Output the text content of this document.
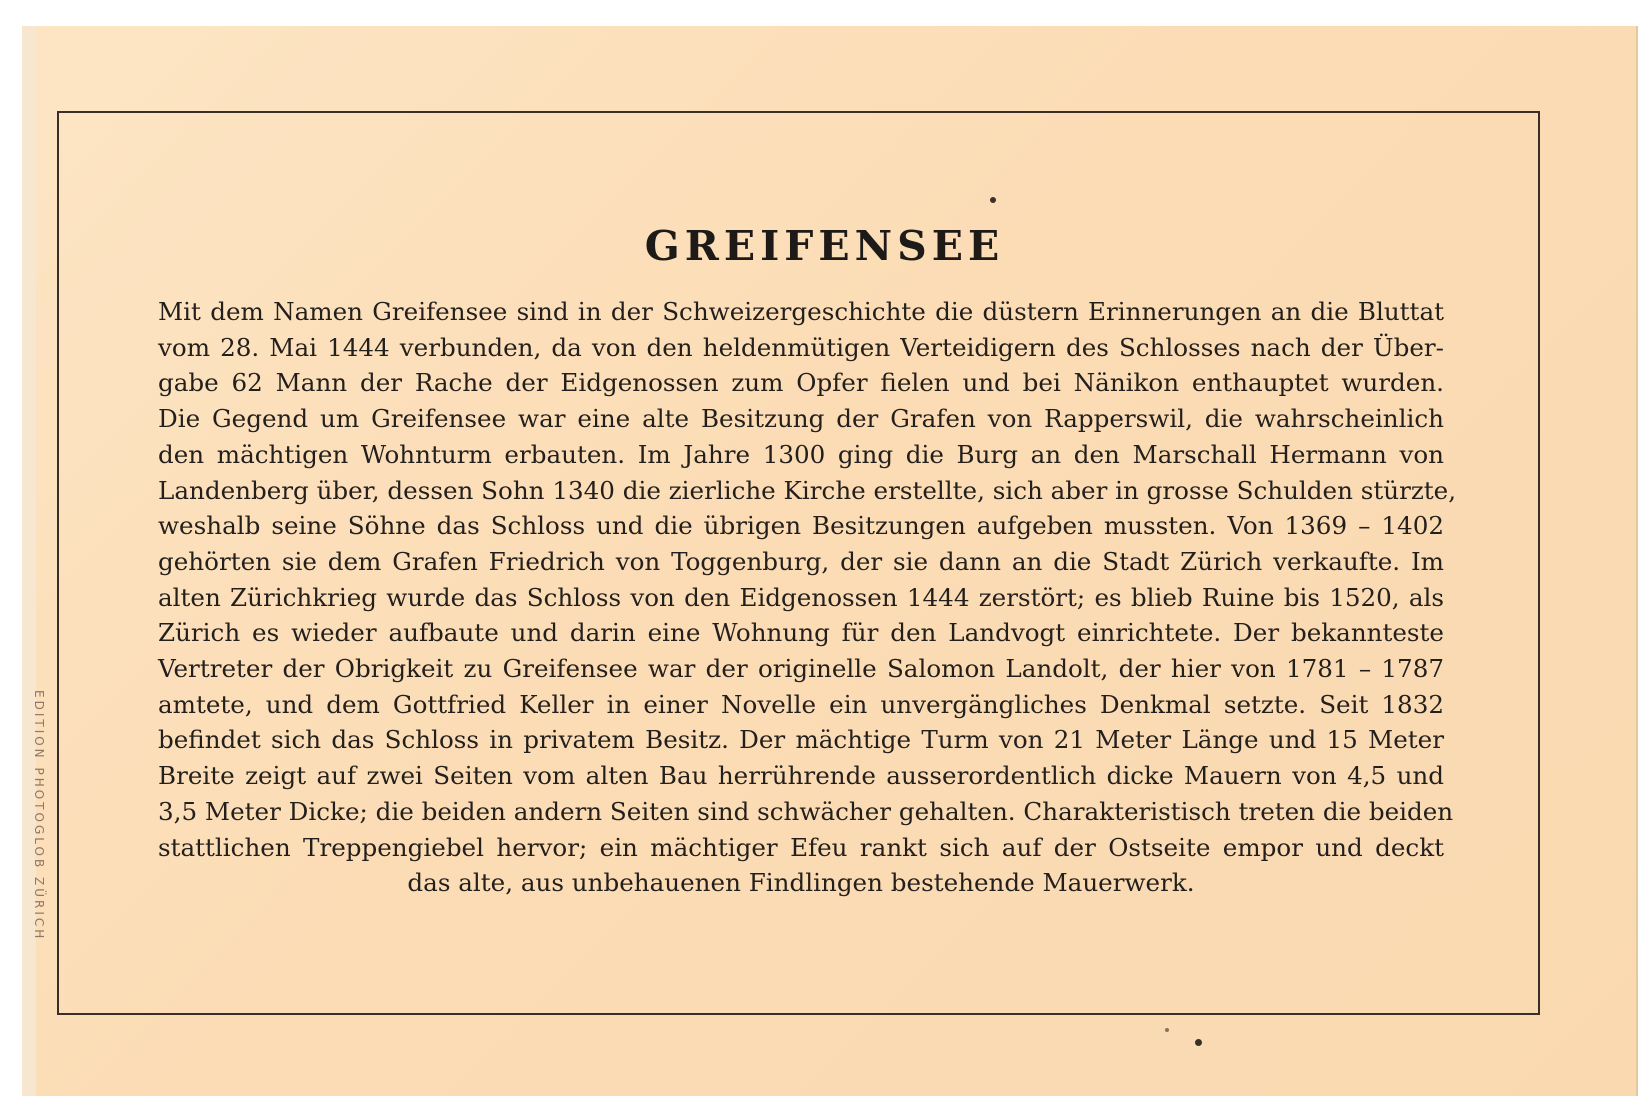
GREIFENSEE
Mit dem Namen Greifensee sind in der Schweizergeschichte die düstern Erinnerungen an die Bluttat
vom 28. Mai 1444 verbunden, da von den heldenmütigen Verteidigern des Schlosses nach der Über-
gabe 62 Mann der Rache der Eidgenossen zum Opfer fielen und bei Nänikon enthauptet wurden.
Die Gegend um Greifensee war eine alte Besitzung der Grafen von Rapperswil, die wahrscheinlich
den mächtigen Wohnturm erbauten. Im Jahre 1300 ging die Burg an den Marschall Hermann von
Landenberg über, dessen Sohn 1340 die zierliche Kirche erstellte, sich aber in grosse Schulden stürzte,
weshalb seine Söhne das Schloss und die übrigen Besitzungen aufgeben mussten. Von 1369 – 1402
gehörten sie dem Grafen Friedrich von Toggenburg, der sie dann an die Stadt Zürich verkaufte. Im
alten Zürichkrieg wurde das Schloss von den Eidgenossen 1444 zerstört; es blieb Ruine bis 1520, als
Zürich es wieder aufbaute und darin eine Wohnung für den Landvogt einrichtete. Der bekannteste
Vertreter der Obrigkeit zu Greifensee war der originelle Salomon Landolt, der hier von 1781 – 1787
amtete, und dem Gottfried Keller in einer Novelle ein unvergängliches Denkmal setzte. Seit 1832
befindet sich das Schloss in privatem Besitz. Der mächtige Turm von 21 Meter Länge und 15 Meter
Breite zeigt auf zwei Seiten vom alten Bau herrührende ausserordentlich dicke Mauern von 4,5 und
3,5 Meter Dicke; die beiden andern Seiten sind schwächer gehalten. Charakteristisch treten die beiden
stattlichen Treppengiebel hervor; ein mächtiger Efeu rankt sich auf der Ostseite empor und deckt
das alte, aus unbehauenen Findlingen bestehende Mauerwerk.
EDITION PHOTOGLOB ZÜRICH
